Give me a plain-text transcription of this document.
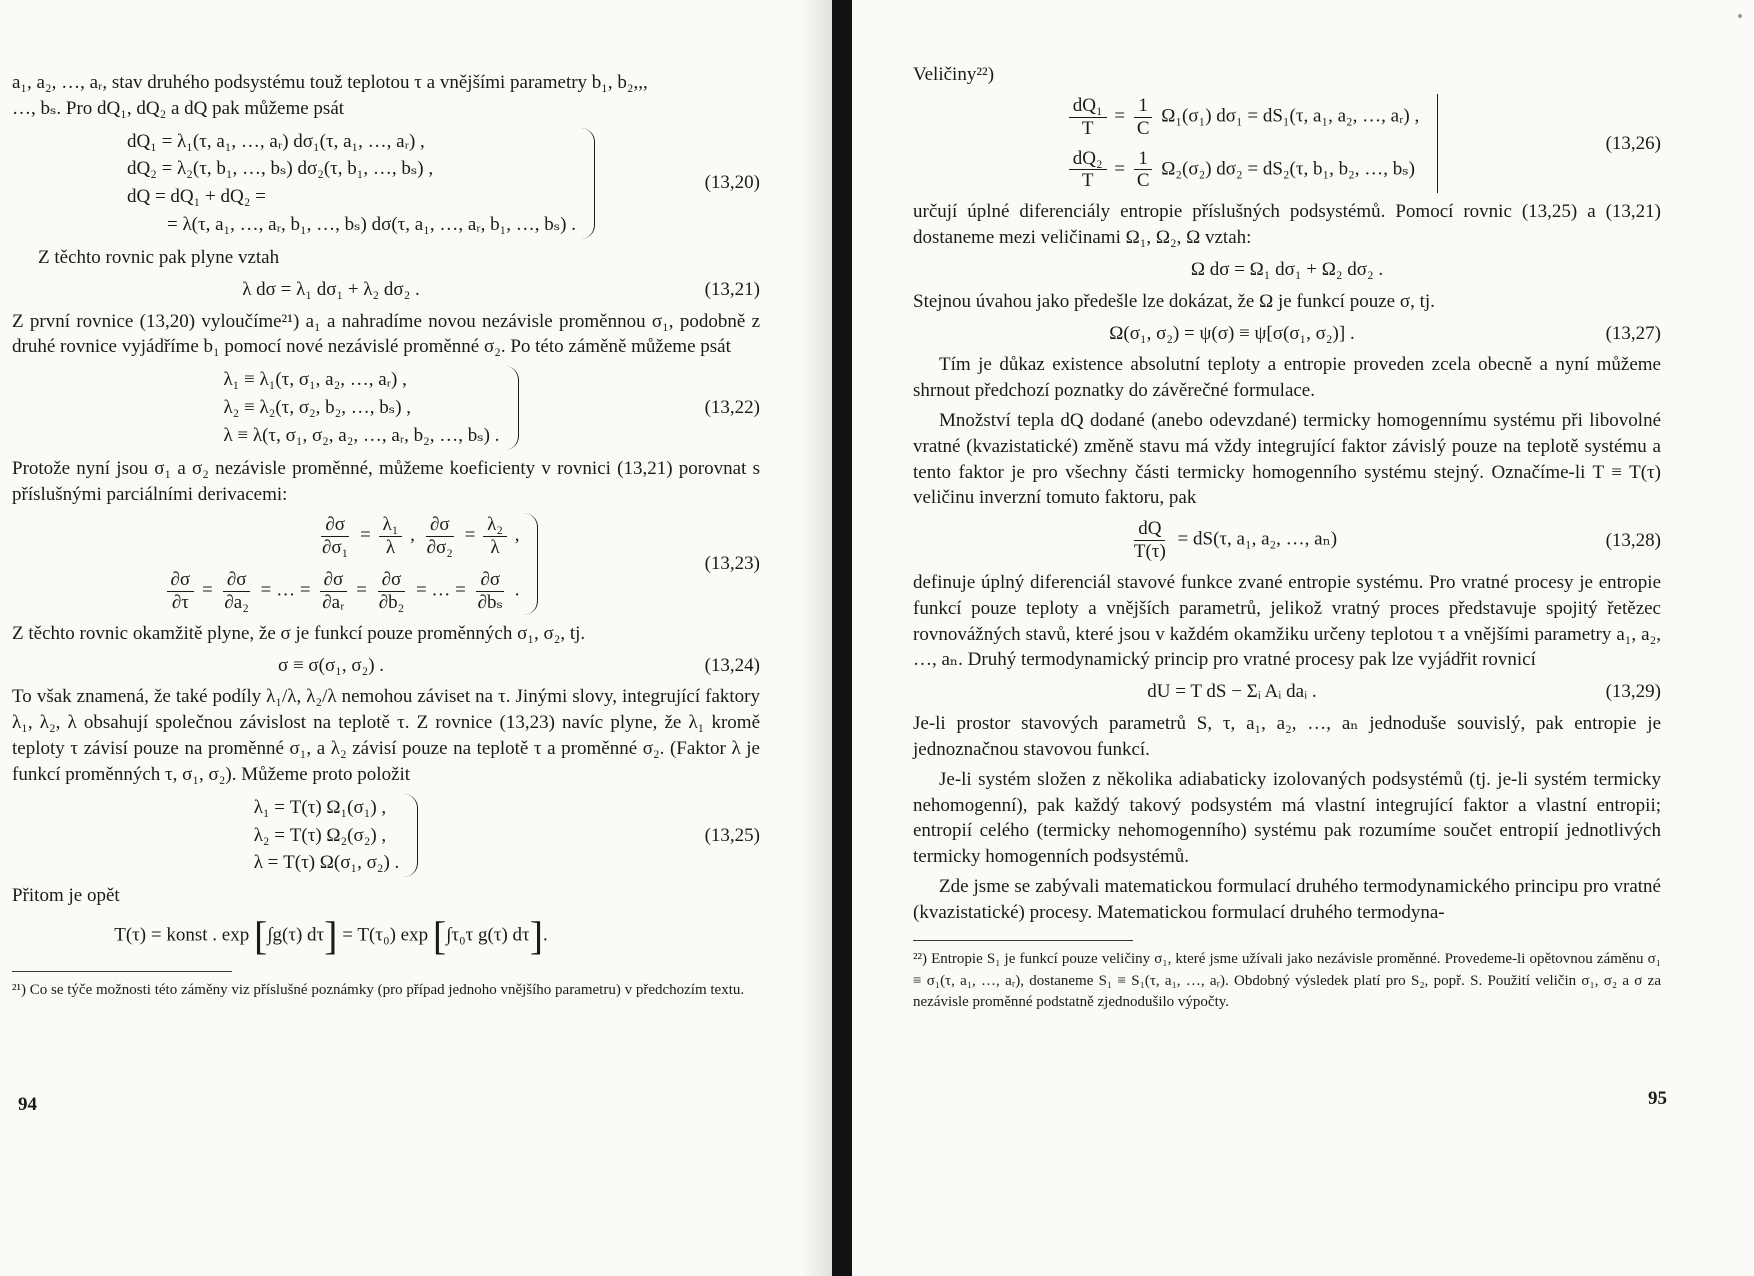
a₁, a₂, …, aᵣ, stav druhého podsystému touž teplotou τ a vnějšími parametry b₁, b₂,,,

…, bₛ. Pro dQ₁, dQ₂ a dQ pak můžeme psát

dQ₁ = λ₁(τ, a₁, …, aᵣ) dσ₁(τ, a₁, …, aᵣ) ,
dQ₂ = λ₂(τ, b₁, …, bₛ) dσ₂(τ, b₁, …, bₛ) ,
dQ = dQ₁ + dQ₂ =
= λ(τ, a₁, …, aᵣ, b₁, …, bₛ) dσ(τ, a₁, …, aᵣ, b₁, …, bₛ) .
(13,20)

Z těchto rovnic pak plyne vztah

λ dσ = λ₁ dσ₁ + λ₂ dσ₂ .	(13,21)

Z první rovnice (13,20) vyloučíme²¹) a₁ a nahradíme novou nezávisle proměnnou σ₁, podobně z druhé rovnice vyjádříme b₁ pomocí nové nezávislé proměnné σ₂. Po této záměně můžeme psát

λ₁ ≡ λ₁(τ, σ₁, a₂, …, aᵣ) ,
λ₂ ≡ λ₂(τ, σ₂, b₂, …, bₛ) ,
λ ≡ λ(τ, σ₁, σ₂, a₂, …, aᵣ, b₂, …, bₛ) .
(13,22)

Protože nyní jsou σ₁ a σ₂ nezávisle proměnné, můžeme koeficienty v rovnici (13,21) porovnat s příslušnými parciálními derivacemi:

$\frac{\partial\sigma}{\text{∂σ₁}} = \frac{\text{λ₁}}{\lambda}$ , $\frac{\partial\sigma}{\text{∂σ₂}} = \frac{\text{λ₂}}{\lambda}$ ,
$\frac{\partial\sigma}{\partial\tau} = \frac{\partial\sigma}{\text{∂a₂}}$ = … = $\frac{\partial\sigma}{\text{∂aᵣ}} = \frac{\partial\sigma}{\text{∂b₂}}$ = … = $\frac{\partial\sigma}{\text{∂bₛ}}$ .
(13,23)

Z těchto rovnic okamžitě plyne, že σ je funkcí pouze proměnných σ₁, σ₂, tj.

σ ≡ σ(σ₁, σ₂) .	(13,24)

To však znamená, že také podíly λ₁/λ, λ₂/λ nemohou záviset na τ. Jinými slovy, integrující faktory λ₁, λ₂, λ obsahují společnou závislost na teplotě τ. Z rovnice (13,23) navíc plyne, že λ₁ kromě teploty τ závisí pouze na proměnné σ₁, a λ₂ závisí pouze na teplotě τ a proměnné σ₂. (Faktor λ je funkcí proměnných τ, σ₁, σ₂). Můžeme proto položit

λ₁ = T(τ) Ω₁(σ₁) ,
λ₂ = T(τ) Ω₂(σ₂) ,
λ = T(τ) Ω(σ₁, σ₂) .
(13,25)

Přitom je opět

T(τ) = konst . exp [∫g(τ) dτ] = T(τ₀) exp [∫τ₀τ g(τ) dτ].

²¹) Co se týče možnosti této záměny viz příslušné poznámky (pro případ jednoho vnějšího parametru) v předchozím textu.

94

Veličiny²²)

$\frac{\text{dQ₁}}{T} = \frac{1}{C} \Omega_1(\sigma_1) d\sigma_1 = dS_1(\tau$, a₁, a₂, …, aᵣ) ,
$\frac{\text{dQ₂}}{T} = \frac{1}{C} \Omega_2(\sigma_2) d\sigma_2 = dS_2(\tau$, b₁, b₂, …, bₛ)
(13,26)

určují úplné diferenciály entropie příslušných podsystémů. Pomocí rovnic (13,25) a (13,21) dostaneme mezi veličinami Ω₁, Ω₂, Ω vztah:

Ω dσ = Ω₁ dσ₁ + Ω₂ dσ₂ .

Stejnou úvahou jako předešle lze dokázat, že Ω je funkcí pouze σ, tj.

Ω(σ₁, σ₂) = ψ(σ) ≡ ψ[σ(σ₁, σ₂)] .	(13,27)

Tím je důkaz existence absolutní teploty a entropie proveden zcela obecně a nyní můžeme shrnout předchozí poznatky do závěrečné formulace.

Množství tepla dQ dodané (anebo odevzdané) termicky homogennímu systému při libovolné vratné (kvazistatické) změně stavu má vždy integrující faktor závislý pouze na teplotě systému a tento faktor je pro všechny části termicky homogenního systému stejný. Označíme-li T ≡ T(τ) veličinu inverzní tomuto faktoru, pak

$\frac{dQ}{T(\tau)} = dS(\tau$, a₁, a₂, …, aₙ)	(13,28)

definuje úplný diferenciál stavové funkce zvané entropie systému. Pro vratné procesy je entropie funkcí pouze teploty a vnějších parametrů, jelikož vratný proces představuje spojitý řetězec rovnovážných stavů, které jsou v každém okamžiku určeny teplotou τ a vnějšími parametry a₁, a₂, …, aₙ. Druhý termodynamický princip pro vratné procesy pak lze vyjádřit rovnicí

dU = T dS − Σᵢ Aᵢ daᵢ .	(13,29)

Je-li prostor stavových parametrů S, τ, a₁, a₂, …, aₙ jednoduše souvislý, pak entropie je jednoznačnou stavovou funkcí.

Je-li systém složen z několika adiabaticky izolovaných podsystémů (tj. je-li systém termicky nehomogenní), pak každý takový podsystém má vlastní integrující faktor a vlastní entropii; entropií celého (termicky nehomogenního) systému pak rozumíme součet entropií jednotlivých termicky homogenních podsystémů.

Zde jsme se zabývali matematickou formulací druhého termodynamického principu pro vratné (kvazistatické) procesy. Matematickou formulací druhého termodyna-

²²) Entropie S₁ je funkcí pouze veličiny σ₁, které jsme užívali jako nezávisle proměnné. Provedeme-li opětovnou záměnu σ₁ ≡ σ₁(τ, a₁, …, aᵣ), dostaneme S₁ ≡ S₁(τ, a₁, …, aᵣ). Obdobný výsledek platí pro S₂, popř. S. Použití veličin σ₁, σ₂ a σ za nezávisle proměnné podstatně zjednodušilo výpočty.

95
